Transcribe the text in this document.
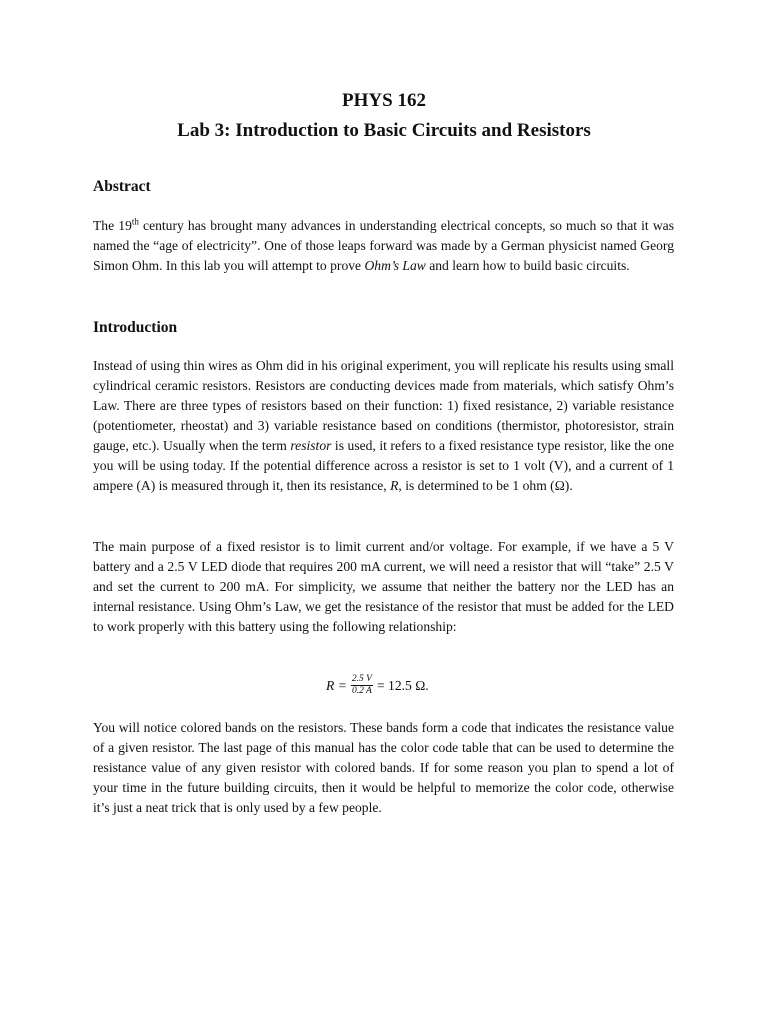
PHYS 162
Lab 3: Introduction to Basic Circuits and Resistors
Abstract
The 19th century has brought many advances in understanding electrical concepts, so much so that it was named the “age of electricity”. One of those leaps forward was made by a German physicist named Georg Simon Ohm. In this lab you will attempt to prove Ohm’s Law and learn how to build basic circuits.
Introduction
Instead of using thin wires as Ohm did in his original experiment, you will replicate his results using small cylindrical ceramic resistors. Resistors are conducting devices made from materials, which satisfy Ohm’s Law. There are three types of resistors based on their function: 1) fixed resistance, 2) variable resistance (potentiometer, rheostat) and 3) variable resistance based on conditions (thermistor, photoresistor, strain gauge, etc.). Usually when the term resistor is used, it refers to a fixed resistance type resistor, like the one you will be using today. If the potential difference across a resistor is set to 1 volt (V), and a current of 1 ampere (A) is measured through it, then its resistance, R, is determined to be 1 ohm (Ω).
The main purpose of a fixed resistor is to limit current and/or voltage. For example, if we have a 5 V battery and a 2.5 V LED diode that requires 200 mA current, we will need a resistor that will “take” 2.5 V and set the current to 200 mA. For simplicity, we assume that neither the battery nor the LED has an internal resistance. Using Ohm’s Law, we get the resistance of the resistor that must be added for the LED to work properly with this battery using the following relationship:
$R = \frac{2.5 V}{0.2 A} = 12.5$ Ω.
You will notice colored bands on the resistors. These bands form a code that indicates the resistance value of a given resistor. The last page of this manual has the color code table that can be used to determine the resistance value of any given resistor with colored bands. If for some reason you plan to spend a lot of your time in the future building circuits, then it would be helpful to memorize the color code, otherwise it’s just a neat trick that is only used by a few people.
